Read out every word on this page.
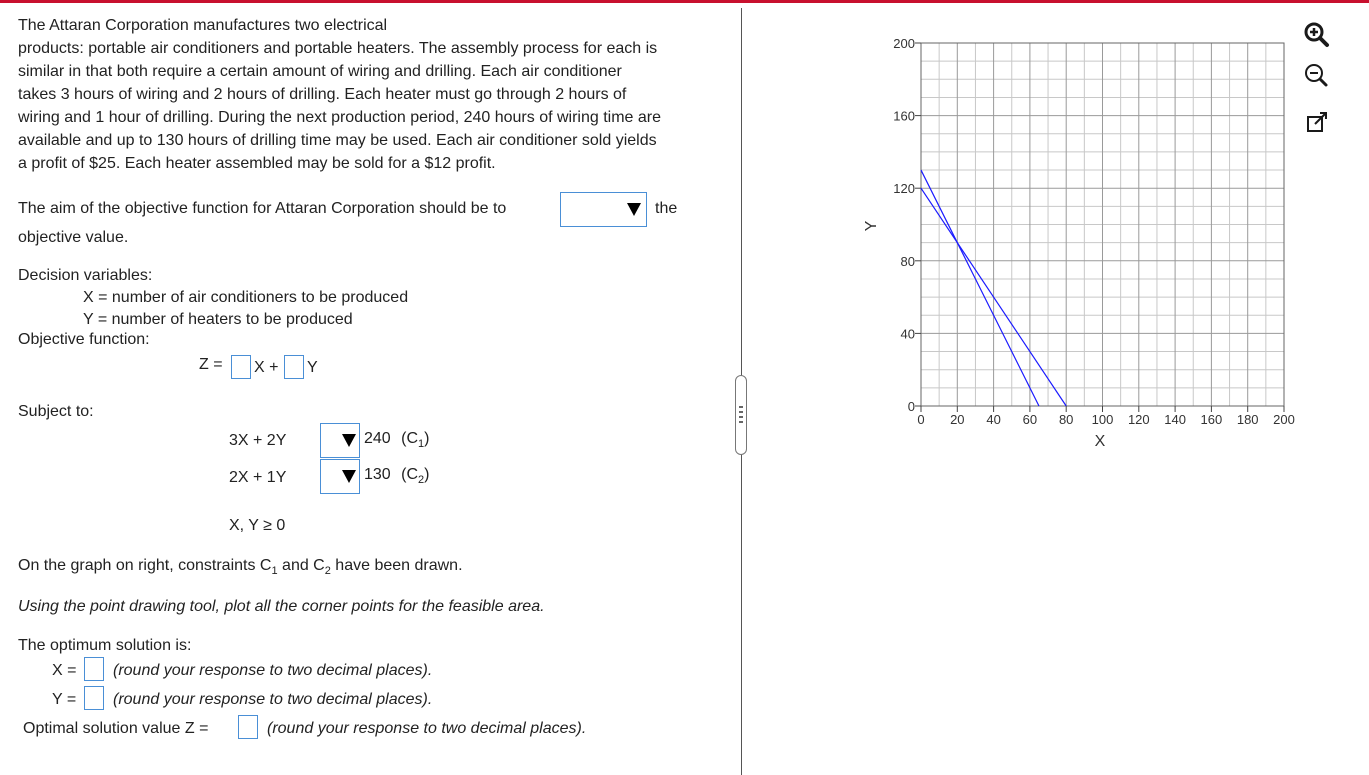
The Attaran Corporation manufactures two electrical
products: portable air conditioners and portable heaters. The assembly process for each is
similar in that both require a certain amount of wiring and drilling. Each air conditioner
takes 3 hours of wiring and 2 hours of drilling. Each heater must go through 2 hours of
wiring and 1 hour of drilling. During the next production period, 240 hours of wiring time are
available and up to 130 hours of drilling time may be used. Each air conditioner sold yields
a profit of $25. Each heater assembled may be sold for a $12 profit.
The aim of the objective function for Attaran Corporation should be to	the
objective value.
Decision variables:
X = number of air conditioners to be produced
Y = number of heaters to be produced
Objective function:
Z = X + Y
Subject to:
3X + 2Y	240 $(C_1)$
2X + 1Y	130 $(C_2)$
X, Y ≥ 0
On the graph on right, constraints $C_1$ and $C_2$ have been drawn.
Using the point drawing tool, plot all the corner points for the feasible area.
The optimum solution is:
X = (round your response to two decimal places).
Y = (round your response to two decimal places).
Optimal solution value Z =	(round your response to two decimal places).
0 20 40 60 80 100 120 140 160 180 200
0
40
80
120
160
200
X
Y
